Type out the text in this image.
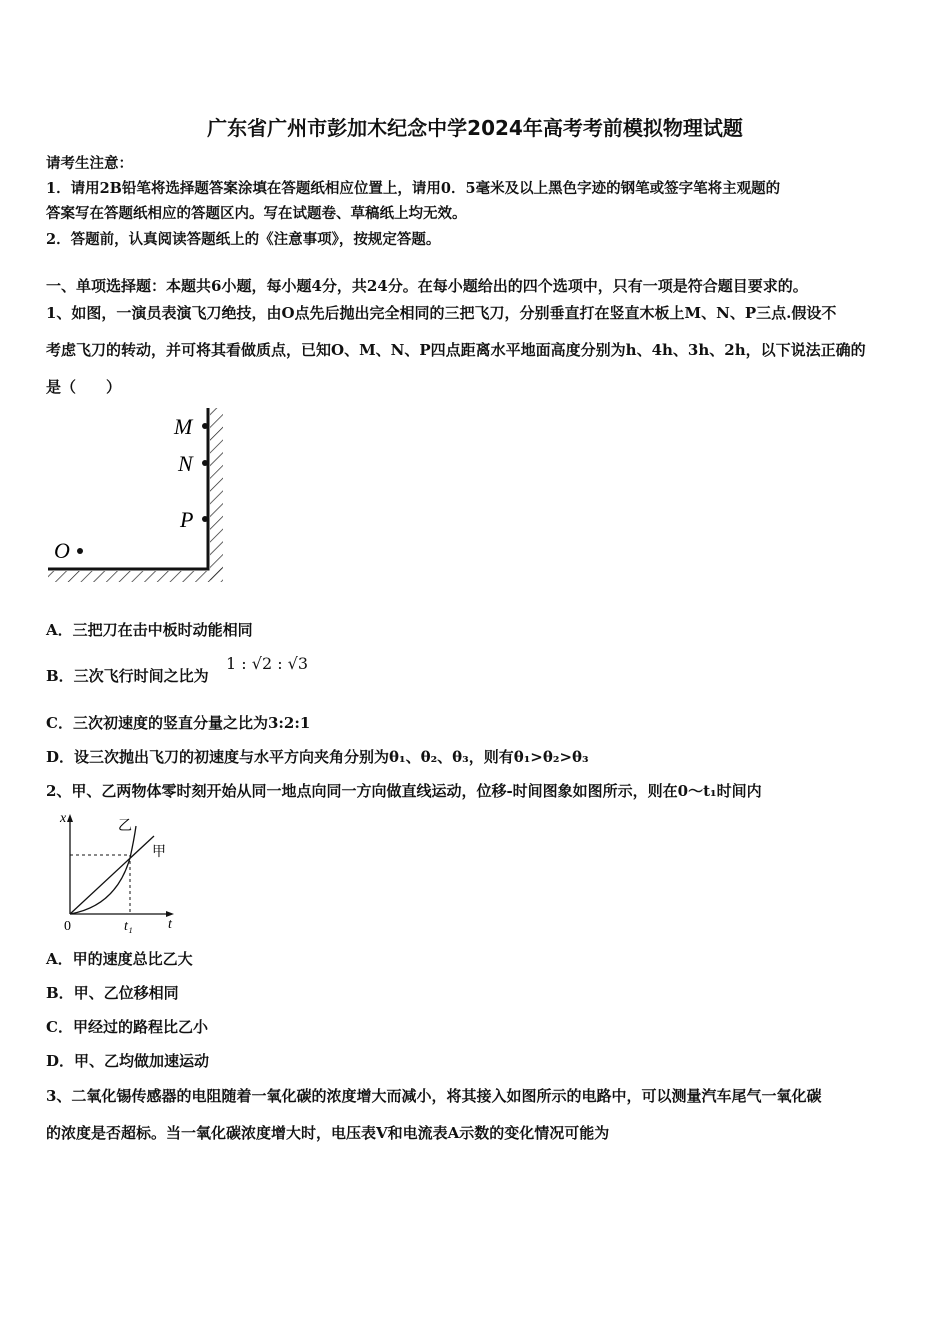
广东省广州市彭加木纪念中学2024年高考考前模拟物理试题
请考生注意：
1．请用2B铅笔将选择题答案涂填在答题纸相应位置上，请用0．5毫米及以上黑色字迹的钢笔或签字笔将主观题的
答案写在答题纸相应的答题区内。写在试题卷、草稿纸上均无效。
2．答题前，认真阅读答题纸上的《注意事项》，按规定答题。
一、单项选择题：本题共6小题，每小题4分，共24分。在每小题给出的四个选项中，只有一项是符合题目要求的。
1、如图，一演员表演飞刀绝技，由O点先后抛出完全相同的三把飞刀，分别垂直打在竖直木板上M、N、P三点.假设不
考虑飞刀的转动，并可将其看做质点，已知O、M、N、P四点距离水平地面高度分别为h、4h、3h、2h，以下说法正确的
是（　　）
M
N
P
O
A．三把刀在击中板时动能相同
B．三次飞行时间之比为
1 : √2 : √3
C．三次初速度的竖直分量之比为3:2:1
D．设三次抛出飞刀的初速度与水平方向夹角分别为θ₁、θ₂、θ₃，则有θ₁>θ₂>θ₃
2、甲、乙两物体零时刻开始从同一地点向同一方向做直线运动，位移-时间图象如图所示，则在0～t₁时间内
x
t
0	t₁
乙
甲
A．甲的速度总比乙大
B．甲、乙位移相同
C．甲经过的路程比乙小
D．甲、乙均做加速运动
3、二氧化锡传感器的电阻随着一氧化碳的浓度增大而减小，将其接入如图所示的电路中，可以测量汽车尾气一氧化碳
的浓度是否超标。当一氧化碳浓度增大时，电压表V和电流表A示数的变化情况可能为
